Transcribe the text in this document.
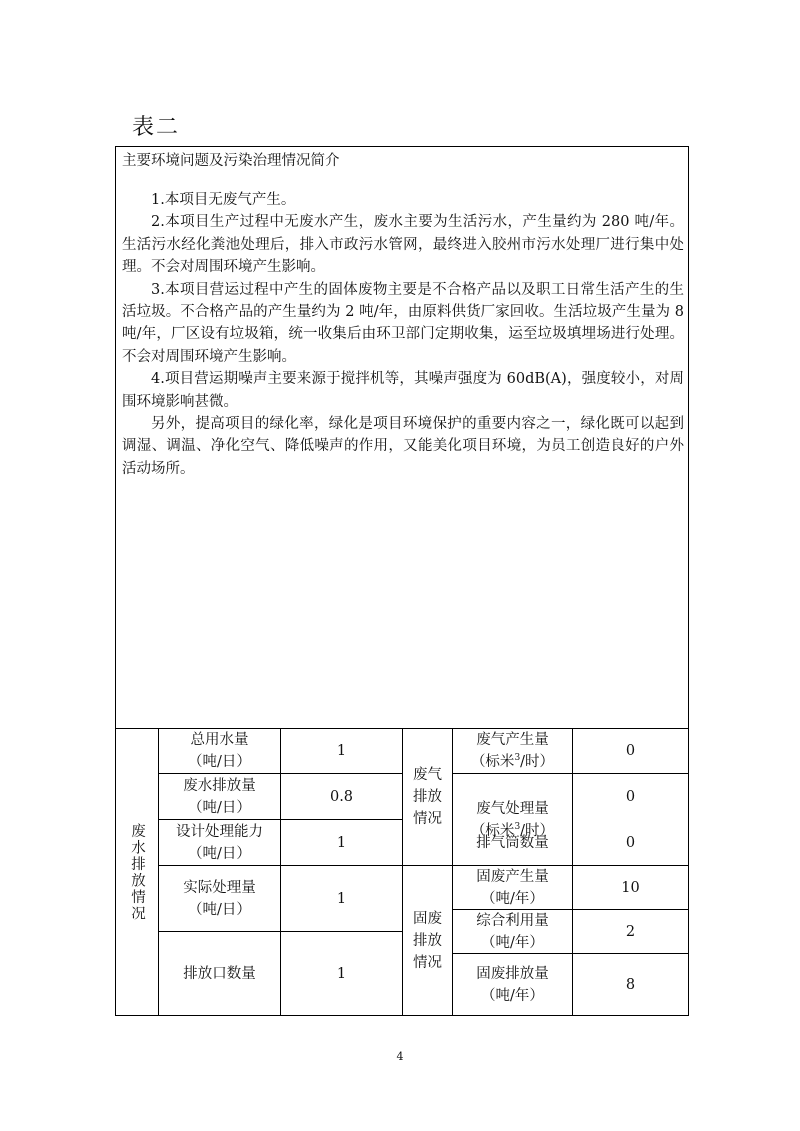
表二
主要环境问题及污染治理情况简介

1.本项目无废气产生。

2.本项目生产过程中无废水产生，废水主要为生活污水，产生量约为 280 吨/年。生活污水经化粪池处理后，排入市政污水管网，最终进入胶州市污水处理厂进行集中处理。不会对周围环境产生影响。

3.本项目营运过程中产生的固体废物主要是不合格产品以及职工日常生活产生的生活垃圾。不合格产品的产生量约为 2 吨/年，由原料供货厂家回收。生活垃圾产生量为 8 吨/年，厂区设有垃圾箱，统一收集后由环卫部门定期收集，运至垃圾填埋场进行处理。不会对周围环境产生影响。

4.项目营运期噪声主要来源于搅拌机等，其噪声强度为 60dB(A)，强度较小，对周围环境影响甚微。

另外，提高项目的绿化率，绿化是项目环境保护的重要内容之一，绿化既可以起到调湿、调温、净化空气、降低噪声的作用，又能美化项目环境，为员工创造良好的户外活动场所。

废水排放情况
总用水量
（吨/日）
1
废水排放量
（吨/日）
0.8
设计处理能力
（吨/日）
1
实际处理量
（吨/日）
1
排放口数量	1
废气排放情况
废气产生量
（标米$^3$/时）
0
废气处理量
（标米$^3$/时）
0
排气筒数量	0
固废排放情况
固废产生量
（吨/年）
10
综合利用量
（吨/年）
2
固废排放量
（吨/年）
8
4
